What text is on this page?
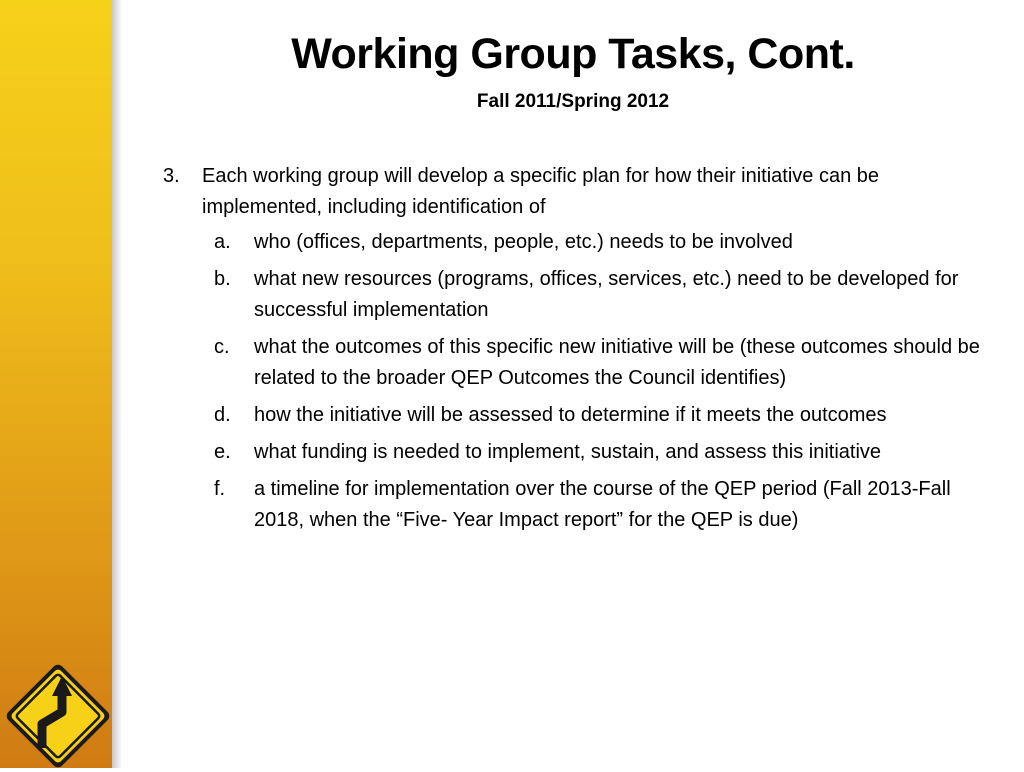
Working Group Tasks, Cont.
Fall 2011/Spring 2012
3. Each working group will develop a specific plan for how their initiative can be implemented, including identification of
a. who (offices, departments, people, etc.) needs to be involved
b. what new resources (programs, offices, services, etc.) need to be developed for successful implementation
c. what the outcomes of this specific new initiative will be (these outcomes should be related to the broader QEP Outcomes the Council identifies)
d. how the initiative will be assessed to determine if it meets the outcomes
e. what funding is needed to implement, sustain, and assess this initiative
f. a timeline for implementation over the course of the QEP period (Fall 2013-Fall 2018, when the “Five- Year Impact report” for the QEP is due)
